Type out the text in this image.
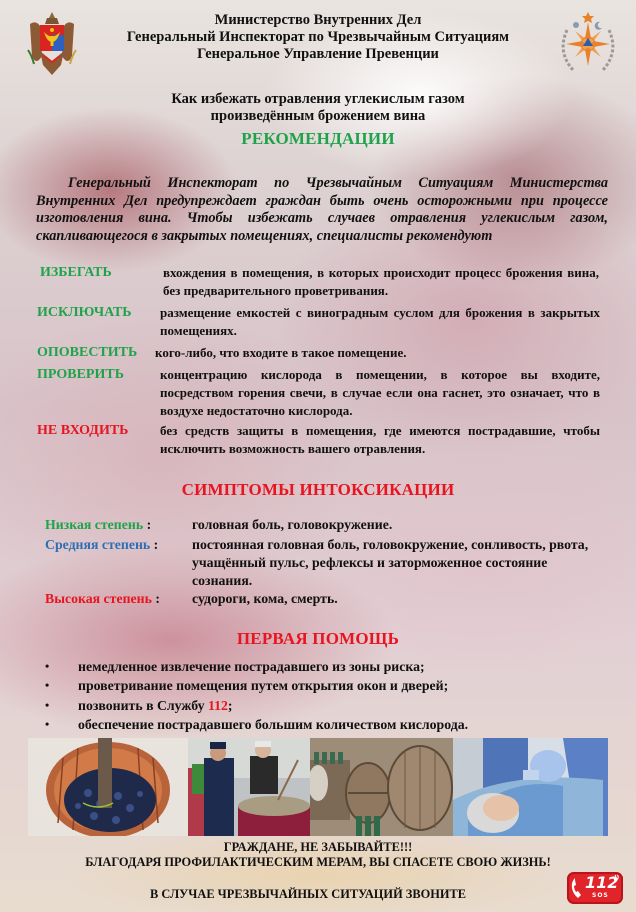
Министерство Внутренних Дел
Генеральный Инспекторат по Чрезвычайным Ситуациям
Генеральное Управление Превенции
Как избежать отравления углекислым газом
произведённым брожением вина
РЕКОМЕНДАЦИИ
Генеральный Инспекторат по Чрезвычайным Ситуациям Министерства Внутренних Дел предупреждает граждан быть очень осторожными при процессе изготовления вина. Чтобы избежать случаев отравления углекислым газом, скапливающегося в закрытых помещениях, специалисты рекомендуют
ИЗБЕГАТЬ	вхождения в помещения, в которых происходит процесс брожения вина, без предварительного проветривания.
ИСКЛЮЧАТЬ размещение емкостей с виноградным суслом для брожения в закрытых помещениях.
ОПОВЕСТИТЬ кого-либо, что входите в такое помещение.
ПРОВЕРИТЬ	концентрацию кислорода в помещении, в которое вы входите, посредством горения свечи, в случае если она гаснет, это означает, что в воздухе недостаточно кислорода.
НЕ ВХОДИТЬ без средств защиты в помещения, где имеются пострадавшие, чтобы исключить возможность вашего отравления.
СИМПТОМЫ ИНТОКСИКАЦИИ
Низкая степень :	головная боль, головокружение.
Средняя степень : постоянная головная боль, головокружение, сонливость, рвота, учащённый пульс, рефлексы и заторможенное состояние сознания.
Высокая степень : судороги, кома, смерть.
ПЕРВАЯ ПОМОЩЬ
• немедленное извлечение пострадавшего из зоны риска;
• проветривание помещения путем открытия окон и дверей;
• позвонить в Службу 112;
• обеспечение пострадавшего большим количеством кислорода.
ГРАЖДАНЕ, НЕ ЗАБЫВАЙТЕ!!!
БЛАГОДАРЯ ПРОФИЛАКТИЧЕСКИМ МЕРАМ, ВЫ СПАСЕТЕ СВОЮ ЖИЗНЬ!
В СЛУЧАЕ ЧРЕЗВЫЧАЙНЫХ СИТУАЦИЙ ЗВОНИТЕ
112
SOS
